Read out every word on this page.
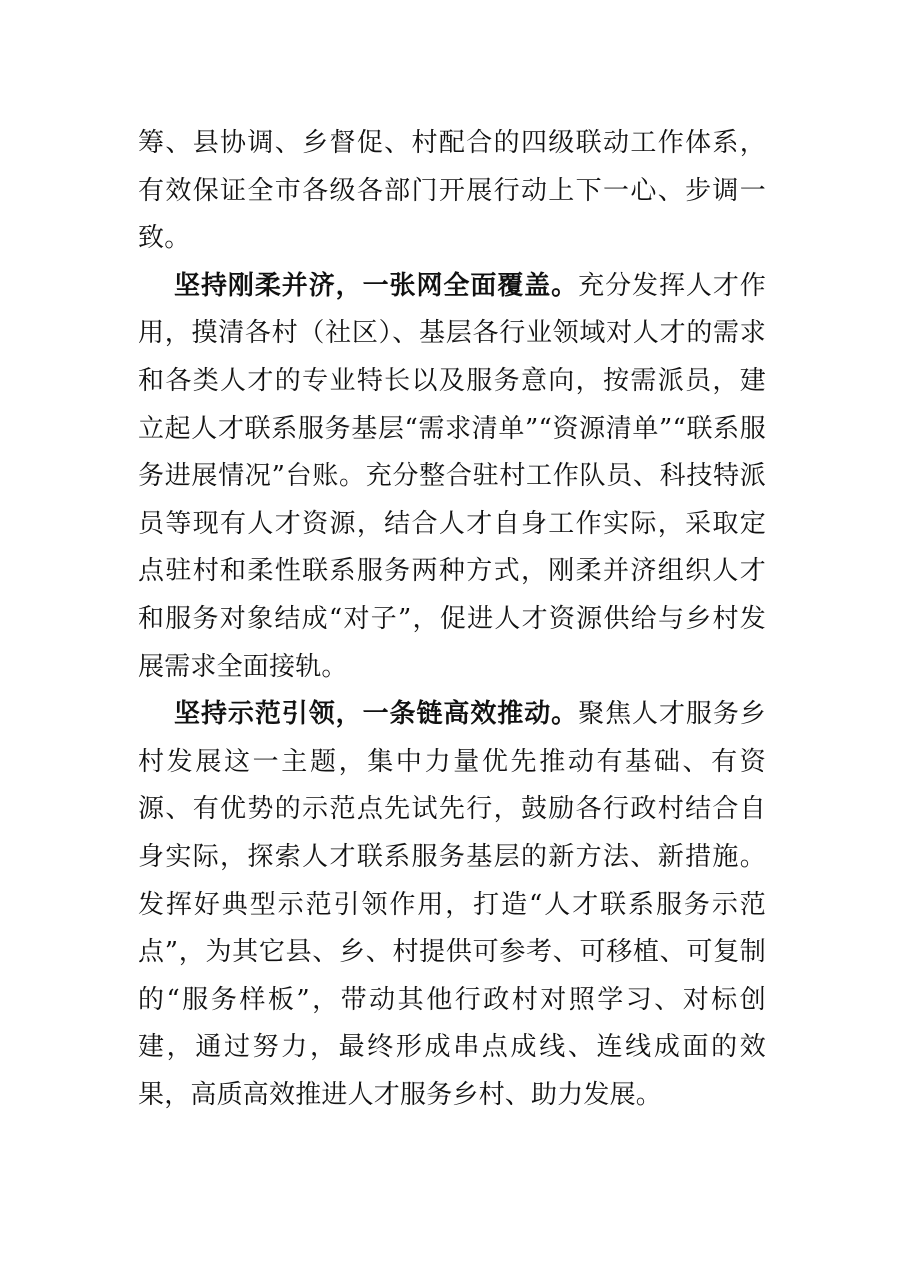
筹、县协调、乡督促、村配合的四级联动工作体系，有效保证全市各级各部门开展行动上下一心、步调一致。

坚持刚柔并济，一张网全面覆盖。充分发挥人才作用，摸清各村（社区）、基层各行业领域对人才的需求和各类人才的专业特长以及服务意向，按需派员，建立起人才联系服务基层“需求清单”“资源清单”“联系服务进展情况”台账。充分整合驻村工作队员、科技特派员等现有人才资源，结合人才自身工作实际，采取定点驻村和柔性联系服务两种方式，刚柔并济组织人才和服务对象结成“对子”，促进人才资源供给与乡村发展需求全面接轨。

坚持示范引领，一条链高效推动。聚焦人才服务乡村发展这一主题，集中力量优先推动有基础、有资源、有优势的示范点先试先行，鼓励各行政村结合自身实际，探索人才联系服务基层的新方法、新措施。发挥好典型示范引领作用，打造“人才联系服务示范点”，为其它县、乡、村提供可参考、可移植、可复制的“服务样板”，带动其他行政村对照学习、对标创建，通过努力，最终形成串点成线、连线成面的效果，高质高效推进人才服务乡村、助力发展。
